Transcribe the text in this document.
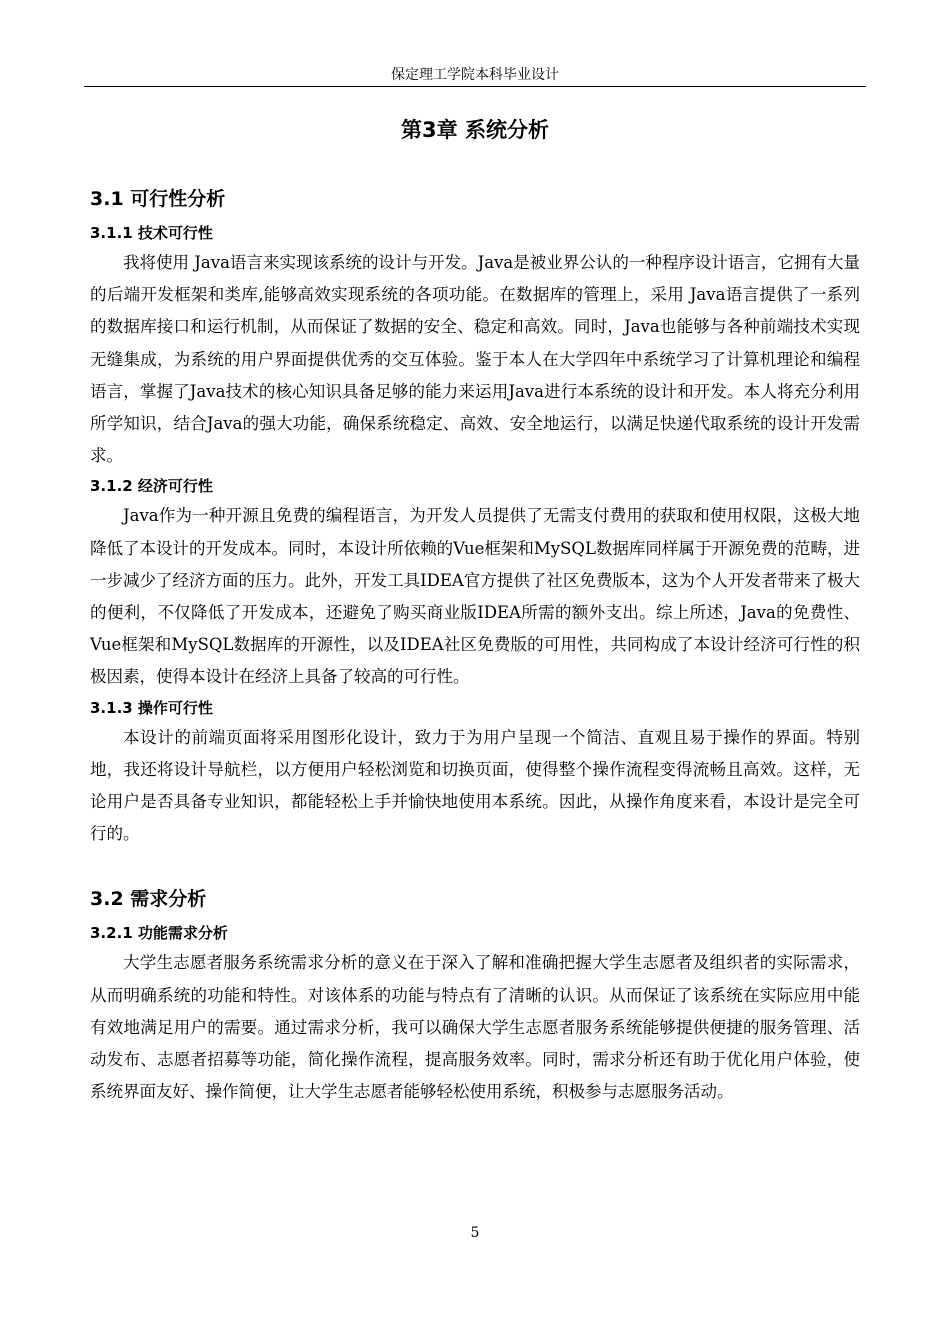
保定理工学院本科毕业设计
第3章 系统分析
3.1 可行性分析
3.1.1 技术可行性

我将使用 Java语言来实现该系统的设计与开发。Java是被业界公认的一种程序设计语言，它拥有大量的后端开发框架和类库,能够高效实现系统的各项功能。在数据库的管理上，采用 Java语言提供了一系列的数据库接口和运行机制，从而保证了数据的安全、稳定和高效。同时，Java也能够与各种前端技术实现无缝集成，为系统的用户界面提供优秀的交互体验。鉴于本人在大学四年中系统学习了计算机理论和编程语言，掌握了Java技术的核心知识具备足够的能力来运用Java进行本系统的设计和开发。本人将充分利用所学知识，结合Java的强大功能，确保系统稳定、高效、安全地运行，以满足快递代取系统的设计开发需求。

3.1.2 经济可行性

Java作为一种开源且免费的编程语言，为开发人员提供了无需支付费用的获取和使用权限，这极大地降低了本设计的开发成本。同时，本设计所依赖的Vue框架和MySQL数据库同样属于开源免费的范畴，进一步减少了经济方面的压力。此外，开发工具IDEA官方提供了社区免费版本，这为个人开发者带来了极大的便利，不仅降低了开发成本，还避免了购买商业版IDEA所需的额外支出。综上所述，Java的免费性、Vue框架和MySQL数据库的开源性，以及IDEA社区免费版的可用性，共同构成了本设计经济可行性的积极因素，使得本设计在经济上具备了较高的可行性。

3.1.3 操作可行性

本设计的前端页面将采用图形化设计，致力于为用户呈现一个简洁、直观且易于操作的界面。特别地，我还将设计导航栏，以方便用户轻松浏览和切换页面，使得整个操作流程变得流畅且高效。这样，无论用户是否具备专业知识，都能轻松上手并愉快地使用本系统。因此，从操作角度来看，本设计是完全可行的。

3.2 需求分析
3.2.1 功能需求分析

大学生志愿者服务系统需求分析的意义在于深入了解和准确把握大学生志愿者及组织者的实际需求，从而明确系统的功能和特性。对该体系的功能与特点有了清晰的认识。从而保证了该系统在实际应用中能有效地满足用户的需要。通过需求分析，我可以确保大学生志愿者服务系统能够提供便捷的服务管理、活动发布、志愿者招募等功能，简化操作流程，提高服务效率。同时，需求分析还有助于优化用户体验，使系统界面友好、操作简便，让大学生志愿者能够轻松使用系统，积极参与志愿服务活动。

5
